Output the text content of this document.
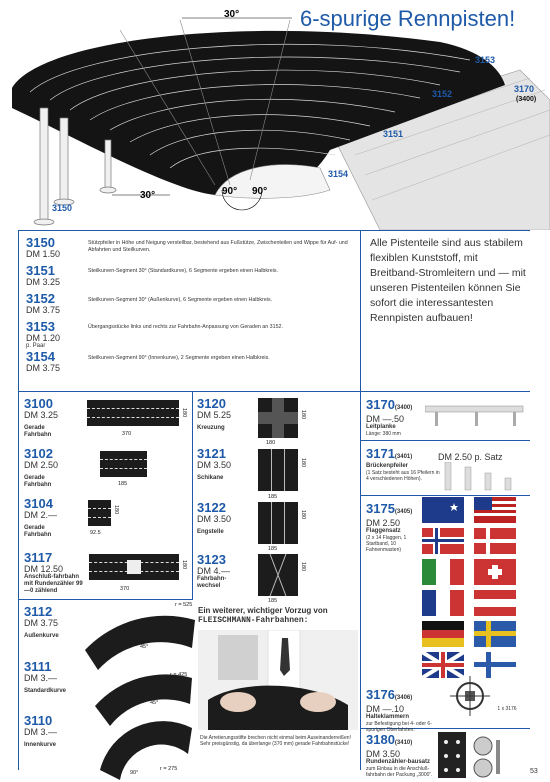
6-spurige Rennpisten!
30°
30°	90° 90°
3150
3151
3152
3153
3154
3170
(3400)
3150
DM 1.50
Stützpfeiler in Höhe und Neigung verstellbar, bestehend aus Fußstütze, Zwischenteilen und Wippe für Auf- und Abfahrten und Steilkurven.
3151
DM 3.25
Steilkurven-Segment 30° (Standardkurve), 6 Segmente ergeben einen Halbkreis.
3152
DM 3.75
Steilkurven-Segment 30° (Außenkurve), 6 Segmente ergeben einen Halbkreis.
3153
DM 1.20
p. Paar
Übergangsstücke links und rechts zur Fahrbahn-Anpassung von Geraden an 3152.
3154
DM 3.75
Steilkurven-Segment 90° (Innenkurve), 2 Segmente ergeben einen Halbkreis.
Alle Pistenteile sind aus stabilem flexiblen Kunststoff, mit Breitband-Stromleitern und — mit unseren Pistenteilen können Sie sofort die interessantesten Rennpisten aufbauen!
3100
DM 3.25
Gerade Fahrbahn	370
180
3102
DM 2.50
Gerade Fahrbahn	185
3104
DM 2.—
Gerade Fahrbahn	92.5
180
3117
DM 12.50
Anschluß-fahrbahn mit Rundenzähler 99—0 zählend	370
180
3112
DM 3.75
Außenkurve
45°
r = 525
3111
DM 3.—
Standardkurve
45°
r = 425
3110
DM 3.—
Innenkurve
90°
r = 275
3120
DM 5.25
Kreuzung
180
180
3121
DM 3.50
Schikane
185
180
3122
DM 3.50
Engstelle
185
180
3123
DM 4.—
Fahrbahn-wechsel
185
180
Ein weiterer, wichtiger Vorzug von
FLEISCHMANN-Fahrbahnen:
Die Arretierungsstifte brechen nicht einmal beim Auseinanderreißen! Sehr preisgünstig, da überlange (370 mm) gerade Fahrbahnstücke!
3170(3400)
DM —.50
Leitplanke
Länge: 380 mm
3171(3401)
Brückenpfeiler
(1 Satz besteht aus 16 Pfeilern in 4 verschiedenen Höhen).
DM 2.50 p. Satz
3175(3405)
DM 2.50
Flaggensatz
(2 x 14 Flaggen, 1 Startband, 10 Fahnenmasten)
3176(3406)
DM —.10
Halteklammern
zur Befestigung bei 4- oder 6-spurigen Oberfahrten.
1 x 3176
3180(3410)
DM 3.50
Rundenzähler-bausatz
zum Einbau in die Anschluß-fahrbahn der Packung „3000“.	53
